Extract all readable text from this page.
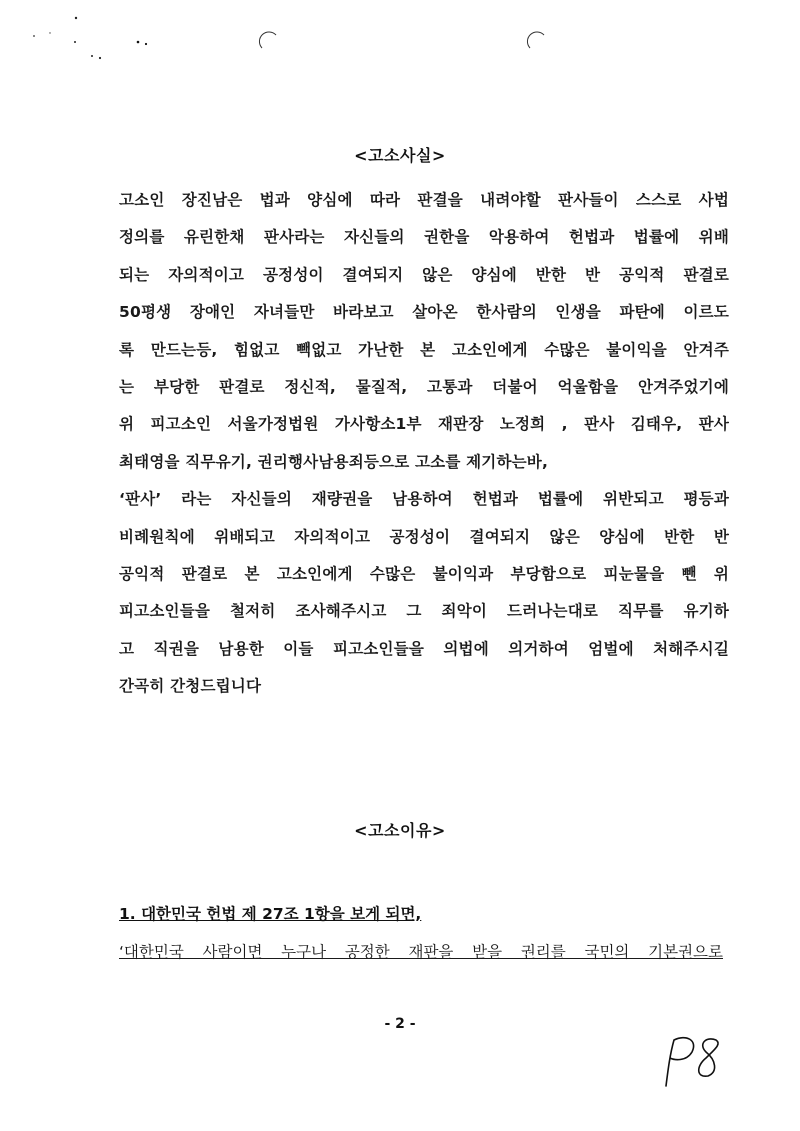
<고소사실>
고소인 장진남은 법과 양심에 따라 판결을 내려야할 판사들이 스스로 사법
정의를 유린한채 판사라는 자신들의 권한을 악용하여 헌법과 법률에 위배
되는 자의적이고 공정성이 결여되지 않은 양심에 반한 반 공익적 판결로
50평생 장애인 자녀들만 바라보고 살아온 한사람의 인생을 파탄에 이르도
록 만드는등, 힘없고 빽없고 가난한 본 고소인에게 수많은 불이익을 안겨주
는 부당한 판결로 정신적, 물질적, 고통과 더불어 억울함을 안겨주었기에
위 피고소인 서울가정법원 가사항소1부 재판장 노정희 , 판사 김태우, 판사
최태영을 직무유기, 권리행사남용죄등으로 고소를 제기하는바,
‘판사’ 라는 자신들의 재량권을 남용하여 헌법과 법률에 위반되고 평등과
비례원칙에 위배되고 자의적이고 공정성이 결여되지 않은 양심에 반한 반
공익적 판결로 본 고소인에게 수많은 불이익과 부당함으로 피눈물을 뺀 위
피고소인들을 철저히 조사해주시고 그 죄악이 드러나는대로 직무를 유기하
고 직권을 남용한 이들 피고소인들을 의법에 의거하여 엄벌에 처해주시길
간곡히 간청드립니다
<고소이유>
1. 대한민국 헌법 제 27조 1항을 보게 되면,
‘대한민국 사람이면 누구나 공정한 재판을 받을 권리를 국민의 기본권으로
- 2 -
